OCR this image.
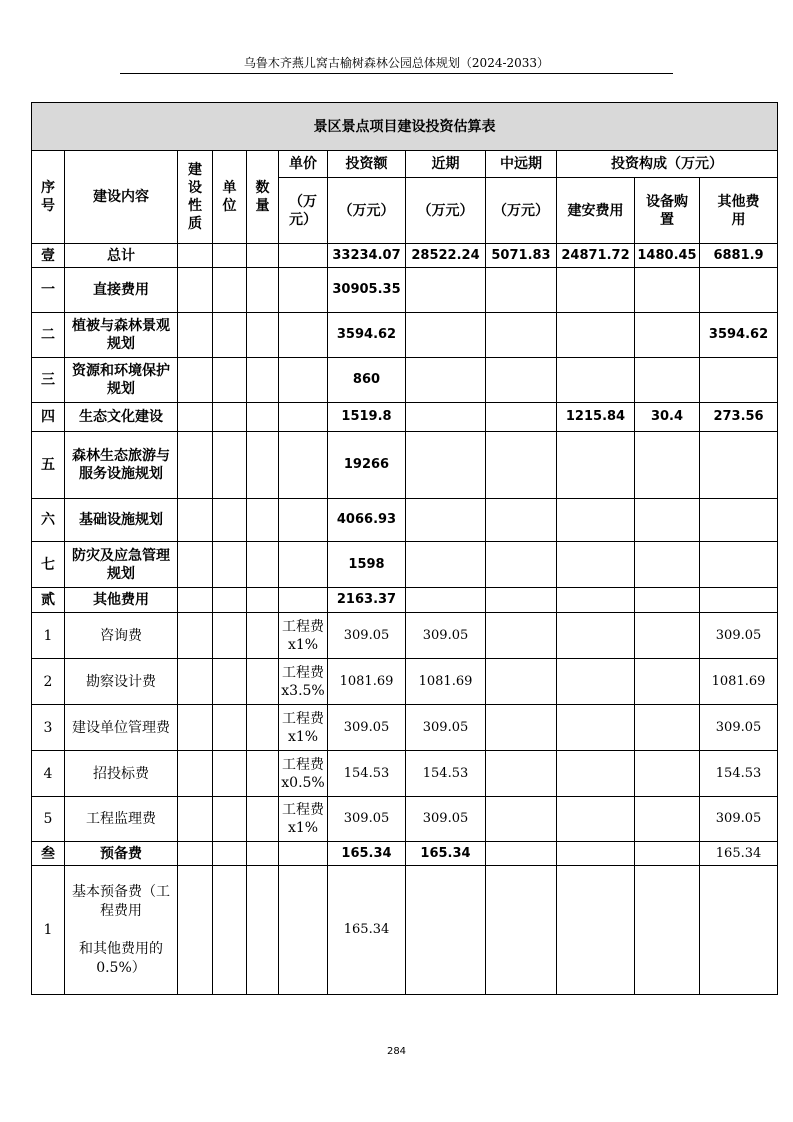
乌鲁木齐燕儿窝古榆树森林公园总体规划（2024-2033）
景区景点项目建设投资估算表											

序号	建设内容	建设性质	单位	数量	单价	投资额	近期	中远期	投资构成（万元）		

					（万元）	（万元）	（万元）	（万元）	建安费用	设备购置	其他费用

壹	总计					33234.07	28522.24	5071.83	24871.72	1480.45	6881.9
一	直接费用					30905.35					
二	植被与森林景观规划					3594.62					3594.62
三	资源和环境保护规划					860					
四	生态文化建设					1519.8			1215.84	30.4	273.56
五	森林生态旅游与服务设施规划					19266					
六	基础设施规划					4066.93					
七	防灾及应急管理规划					1598					
贰	其他费用					2163.37					
1	咨询费				工程费x1%	309.05	309.05				309.05
2	勘察设计费				工程费x3.5%	1081.69	1081.69				1081.69
3	建设单位管理费				工程费x1%	309.05	309.05				309.05
4	招投标费				工程费x0.5%	154.53	154.53				154.53
5	工程监理费				工程费x1%	309.05	309.05				309.05
叁	预备费					165.34	165.34				165.34
1	基本预备费（工程费用

和其他费用的0.5%）					165.34					
284
